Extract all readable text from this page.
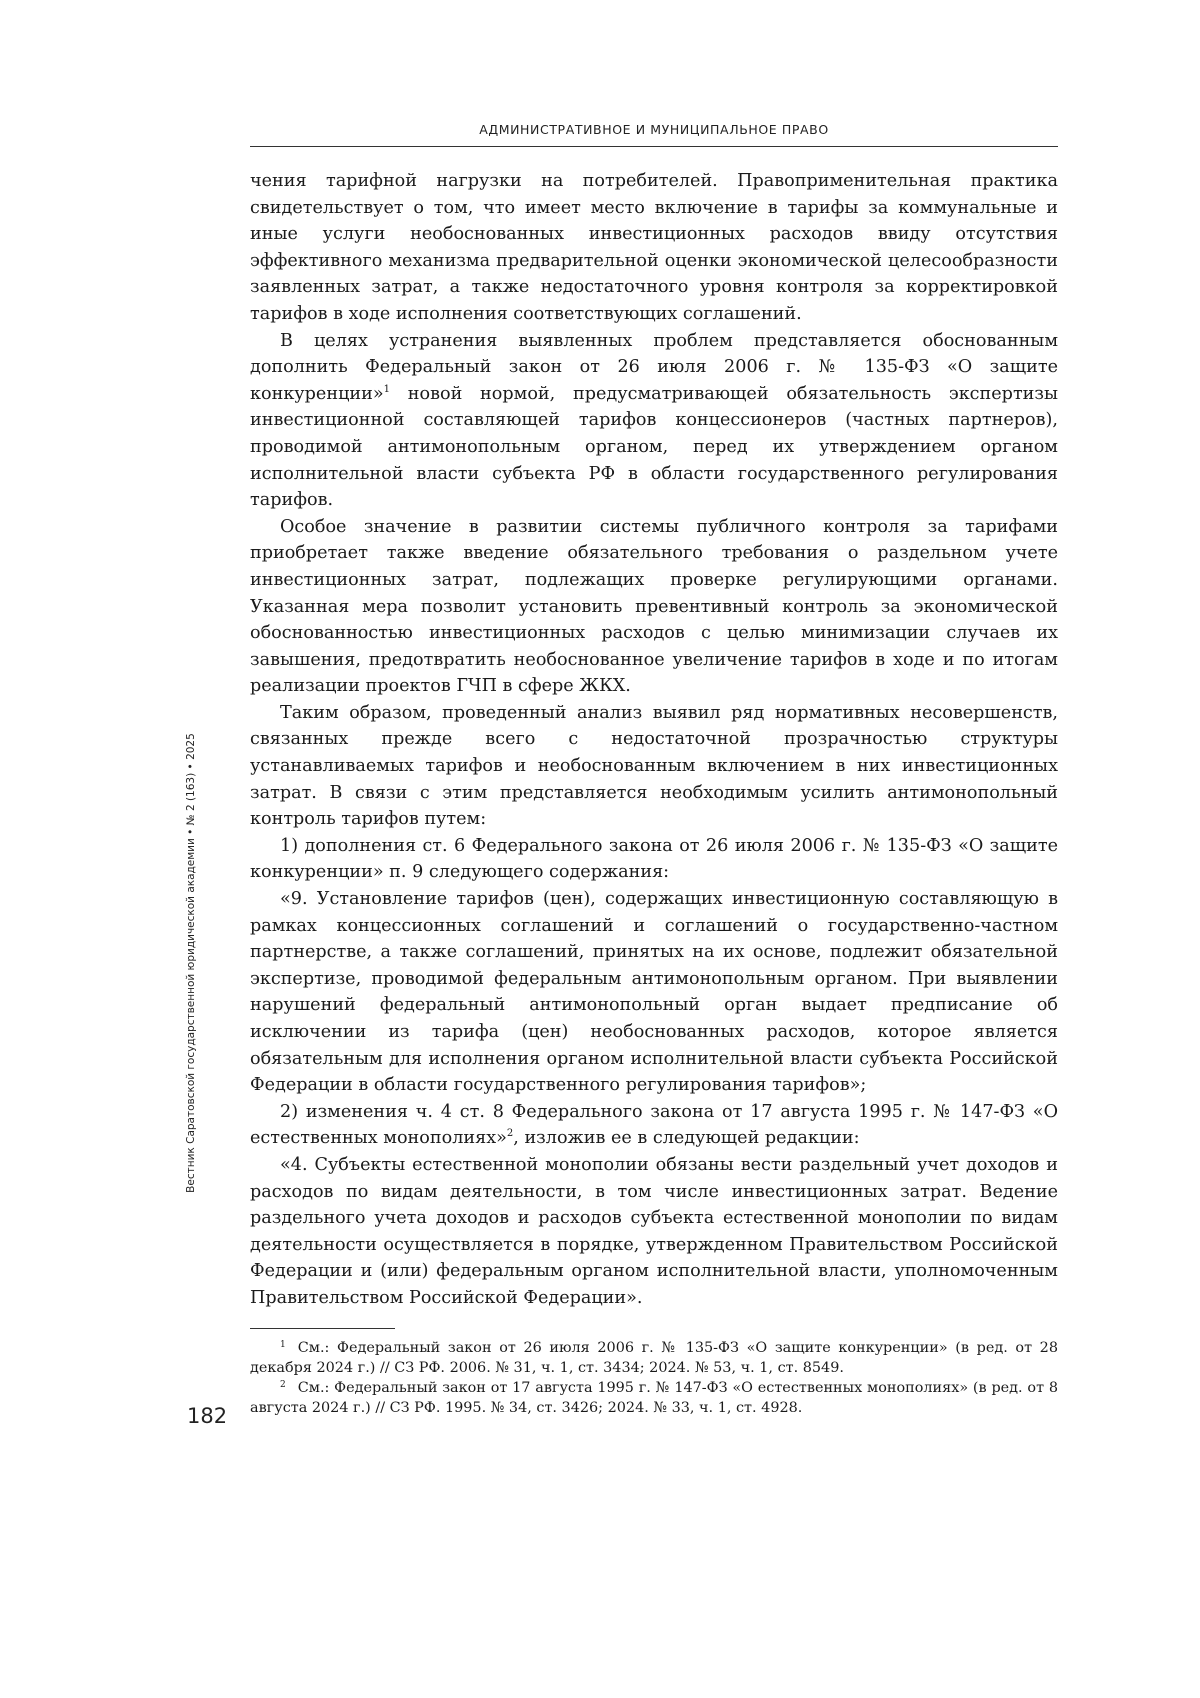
АДМИНИСТРАТИВНОЕ И МУНИЦИПАЛЬНОЕ ПРАВО
Вестник Саратовской государственной юридической академии • № 2 (163) • 2025

чения тарифной нагрузки на потребителей. Правоприменительная практика свидетельствует о том, что имеет место включение в тарифы за коммунальные и иные услуги необоснованных инвестиционных расходов ввиду отсутствия эффективного механизма предварительной оценки экономической целесообразности заявленных затрат, а также недостаточного уровня контроля за корректировкой тарифов в ходе исполнения соответствующих соглашений.

В целях устранения выявленных проблем представляется обоснованным дополнить Федеральный закон от 26 июля 2006 г. № 135-ФЗ «О защите конкуренции»1 новой нормой, предусматривающей обязательность экспертизы инвестиционной составляющей тарифов концессионеров (частных партнеров), проводимой антимонопольным органом, перед их утверждением органом исполнительной власти субъекта РФ в области государственного регулирования тарифов.

Особое значение в развитии системы публичного контроля за тарифами приобретает также введение обязательного требования о раздельном учете инвестиционных затрат, подлежащих проверке регулирующими органами. Указанная мера позволит установить превентивный контроль за экономической обоснованностью инвестиционных расходов с целью минимизации случаев их завышения, предотвратить необоснованное увеличение тарифов в ходе и по итогам реализации проектов ГЧП в сфере ЖКХ.

Таким образом, проведенный анализ выявил ряд нормативных несовершенств, связанных прежде всего с недостаточной прозрачностью структуры устанавливаемых тарифов и необоснованным включением в них инвестиционных затрат. В связи с этим представляется необходимым усилить антимонопольный контроль тарифов путем:

1) дополнения ст. 6 Федерального закона от 26 июля 2006 г. № 135-ФЗ «О защите конкуренции» п. 9 следующего содержания:

«9. Установление тарифов (цен), содержащих инвестиционную составляющую в рамках концессионных соглашений и соглашений о государственно-частном партнерстве, а также соглашений, принятых на их основе, подлежит обязательной экспертизе, проводимой федеральным антимонопольным органом. При выявлении нарушений федеральный антимонопольный орган выдает предписание об исключении из тарифа (цен) необоснованных расходов, которое является обязательным для исполнения органом исполнительной власти субъекта Российской Федерации в области государственного регулирования тарифов»;

2) изменения ч. 4 ст. 8 Федерального закона от 17 августа 1995 г. № 147-ФЗ «О естественных монополиях»2, изложив ее в следующей редакции:

«4. Субъекты естественной монополии обязаны вести раздельный учет доходов и расходов по видам деятельности, в том числе инвестиционных затрат. Ведение раздельного учета доходов и расходов субъекта естественной монополии по видам деятельности осуществляется в порядке, утвержденном Правительством Российской Федерации и (или) федеральным органом исполнительной власти, уполномоченным Правительством Российской Федерации».

1 См.: Федеральный закон от 26 июля 2006 г. № 135-ФЗ «О защите конкуренции» (в ред. от 28 декабря 2024 г.) // СЗ РФ. 2006. № 31, ч. 1, ст. 3434; 2024. № 53, ч. 1, ст. 8549.

2 См.: Федеральный закон от 17 августа 1995 г. № 147-ФЗ «О естественных монополиях» (в ред. от 8 августа 2024 г.) // СЗ РФ. 1995. № 34, ст. 3426; 2024. № 33, ч. 1, ст. 4928.

182
